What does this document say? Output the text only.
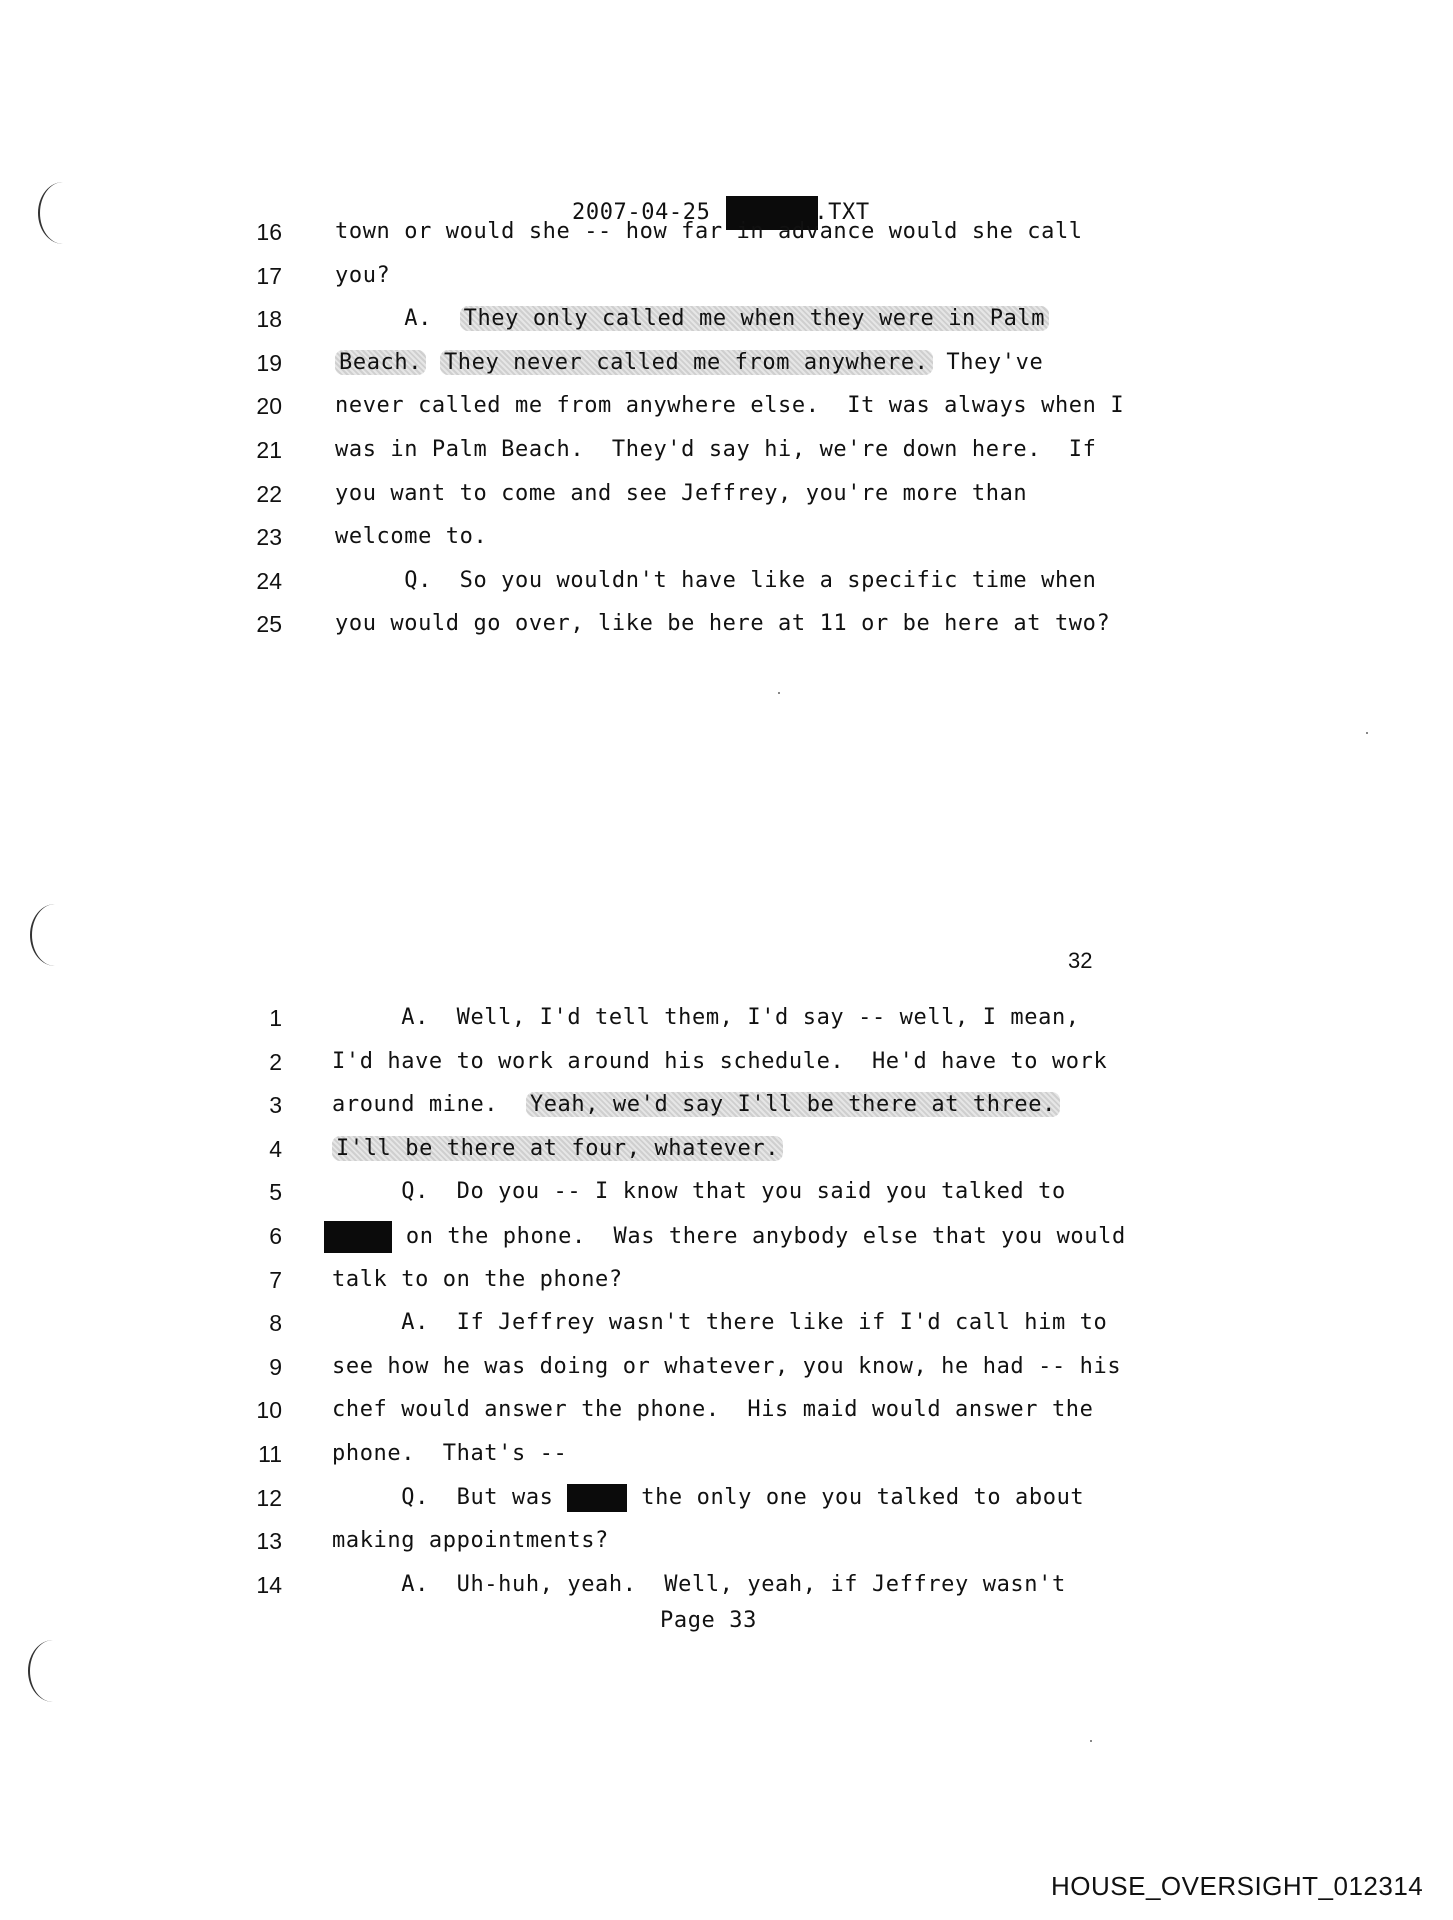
2007-04-25	.TXT
16 town or would she -- how far in advance would she call
17 you?
18 A.  They only called me when they were in Palm
19	Beach. They never called me from anywhere. They've
20 never called me from anywhere else.  It was always when I
21 was in Palm Beach.  They'd say hi, we're down here.  If
22 you want to come and see Jeffrey, you're more than
23 welcome to.
24 Q.  So you wouldn't have like a specific time when
25 you would go over, like be here at 11 or be here at two?
32
1 A.  Well, I'd tell them, I'd say -- well, I mean,
2 I'd have to work around his schedule.  He'd have to work
3 around mine.  Yeah, we'd say I'll be there at three.
4 I'll be there at four, whatever.
5 Q.  Do you -- I know that you said you talked to
6	on the phone.  Was there anybody else that you would
7 talk to on the phone?
8 A.  If Jeffrey wasn't there like if I'd call him to
9 see how he was doing or whatever, you know, he had -- his
10 chef would answer the phone.  His maid would answer the
11 phone.  That's --
12 Q.  But was	the only one you talked to about
13 making appointments?
14 A.  Uh-huh, yeah.  Well, yeah, if Jeffrey wasn't
Page 33
HOUSE_OVERSIGHT_012314
